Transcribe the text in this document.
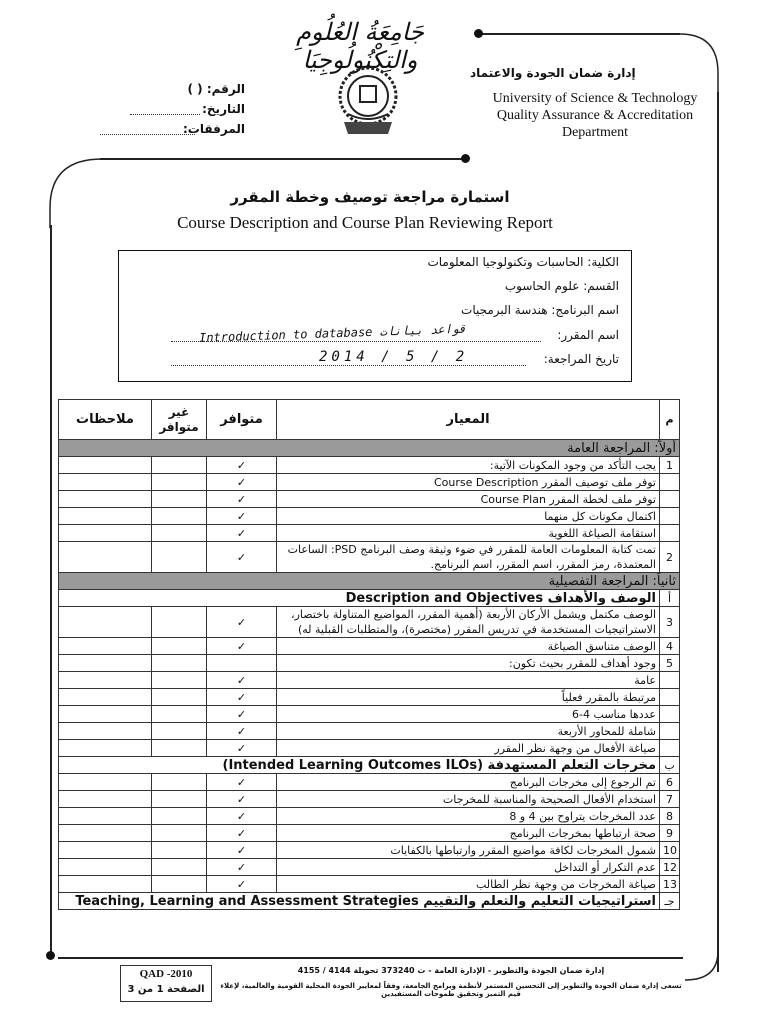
جَامِعَةُ العُلُومِ والتِكْنُولُوجِيَا
الرقم: ( )
التاريخ:
المرفقات:
إدارة ضمان الجودة والاعتماد
University of Science & Technology
Quality Assurance & Accreditation
Department
استمارة مراجعة توصيف وخطة المقرر
Course Description and Course Plan Reviewing Report
الكلية: الحاسبات وتكنولوجيا المعلومات
القسم: علوم الحاسوب
اسم البرنامج: هندسة البرمجيات
اسم المقرر:
Introduction to database قواعد بيانات
تاريخ المراجعة:
2014 / 5 / 2
ملاحظات	غير متوافر	متوافر	المعيار	م
أولاً: المراجعة العامة				
		✓	يجب التأكد من وجود المكونات الآتية:	1
		✓	توفر ملف توصيف المقرر Course Description	
		✓	توفر ملف لخطة المقرر Course Plan	
		✓	اكتمال مكونات كل منهما	
		✓	استقامة الصياغة اللغوية	
		✓	تمت كتابة المعلومات العامة للمقرر في ضوء وثيقة وصف البرنامج PSD: الساعات المعتمدة، رمز المقرر، اسم المقرر، اسم البرنامج.	2
ثانياً: المراجعة التفصيلية				
الوصف والأهداف Description and Objectives				أ
		✓	الوصف مكتمل ويشمل الأركان الأربعة (أهمية المقرر، المواضيع المتناولة باختصار، الاستراتيجيات المستخدمة في تدريس المقرر (مختصرة)، والمتطلبات القبلية له)	3
		✓	الوصف متناسق الصياغة	4
			وجود أهداف للمقرر بحيث تكون:	5
		✓	عامة	
		✓	مرتبطة بالمقرر فعلياً	
		✓	عددها مناسب 4-6	
		✓	شاملة للمحاور الأربعة	
		✓	صياغة الأفعال من وجهة نظر المقرر	
مخرجات التعلم المستهدفة (Intended Learning Outcomes ILOs)				ب
		✓	تم الرجوع إلى مخرجات البرنامج	6
		✓	استخدام الأفعال الصحيحة والمناسبة للمخرجات	7
		✓	عدد المخرجات يتراوح بين 4 و 8	8
		✓	صحة ارتباطها بمخرجات البرنامج	9
		✓	شمول المخرجات لكافة مواضيع المقرر وارتباطها بالكفايات	10
		✓	عدم التكرار أو التداخل	12
		✓	صياغة المخرجات من وجهة نظر الطالب	13
استراتيجيات التعليم والتعلم والتقييم Teaching, Learning and Assessment Strategies				جـ
QAD -2010
الصفحة 1 من 3
إدارة ضمان الجودة والتطوير - الإدارة العامة - ت 373240 تحويلة 4144 / 4155
تسعى إدارة ضمان الجودة والتطوير إلى التحسين المستمر لأنظمة وبرامج الجامعة، وفقاً لمعايير الجودة المحلية القومية والعالمية، لإعلاء قيم التميز وتحقيق طموحات المستفيدين
